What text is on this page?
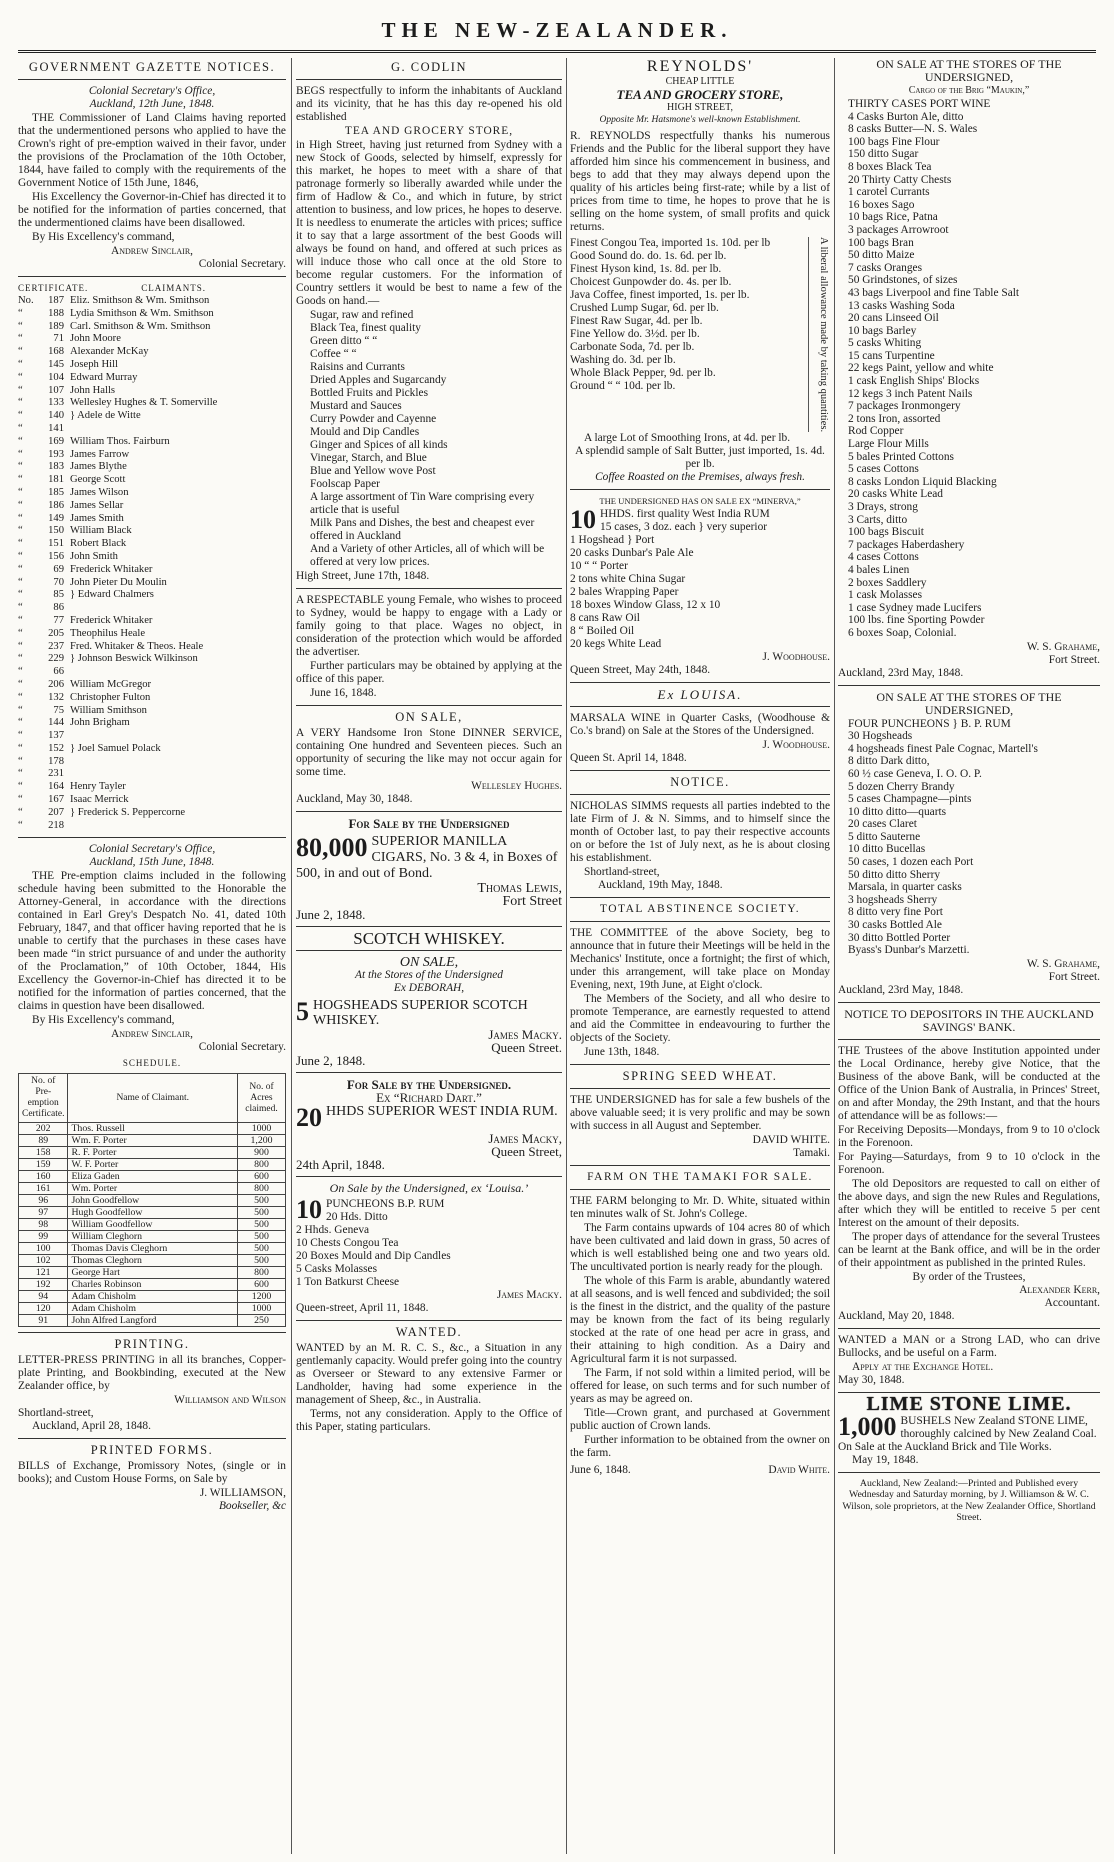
THE NEW-ZEALANDER.
GOVERNMENT GAZETTE NOTICES.
Colonial Secretary's Office,
Auckland, 12th June, 1848.
THE Commissioner of Land Claims having reported that the undermentioned persons who applied to have the Crown's right of pre-emption waived in their favor, under the provisions of the Proclamation of the 10th October, 1844, have failed to comply with the requirements of the Government Notice of 15th June, 1846,
His Excellency the Governor-in-Chief has directed it to be notified for the information of parties concerned, that the undermentioned claims have been disallowed.
By His Excellency's command,
Andrew Sinclair,
Colonial Secretary.
CERTIFICATE.	CLAIMANTS.
No.	187 Eliz. Smithson & Wm. Smithson
“	188 Lydia Smithson & Wm. Smithson
“	189 Carl. Smithson & Wm. Smithson
“	71 John Moore
“	168 Alexander McKay
“	145 Joseph Hill
“	104 Edward Murray
“	107 John Halls
“	133 Wellesley Hughes & T. Somerville
“	140 } Adele de Witte
“	141
“	169 William Thos. Fairburn
“	193 James Farrow
“	183 James Blythe
“	181 George Scott
“	185 James Wilson
“	186 James Sellar
“	149 James Smith
“	150 William Black
“	151 Robert Black
“	156 John Smith
“	69 Frederick Whitaker
“	70 John Pieter Du Moulin
“	85 } Edward Chalmers
“	86
“	77 Frederick Whitaker
“	205 Theophilus Heale
“	237 Fred. Whitaker & Theos. Heale
“	229 } Johnson Beswick Wilkinson
“	66
“	206 William McGregor
“	132 Christopher Fulton
“	75 William Smithson
“	144 John Brigham
“	137
“	152 } Joel Samuel Polack
“	178
“	231
“	164 Henry Tayler
“	167 Isaac Merrick
“	207 } Frederick S. Peppercorne
“	218
Colonial Secretary's Office,
Auckland, 15th June, 1848.
THE Pre-emption claims included in the following schedule having been submitted to the Honorable the Attorney-General, in accordance with the directions contained in Earl Grey's Despatch No. 41, dated 10th February, 1847, and that officer having reported that he is unable to certify that the purchases in these cases have been made “in strict pursuance of and under the authority of the Proclamation,” of 10th October, 1844, His Excellency the Governor-in-Chief has directed it to be notified for the information of parties concerned, that the claims in question have been disallowed.
By His Excellency's command,
Andrew Sinclair,
Colonial Secretary.
SCHEDULE.
No. of Pre-emption Certificate.	Name of Claimant.	No. of Acres claimed.
202	Thos. Russell	1000
89	Wm. F. Porter	1,200
158	R. F. Porter	900
159	W. F. Porter	800
160	Eliza Gaden	600
161	Wm. Porter	800
96	John Goodfellow	500
97	Hugh Goodfellow	500
98	William Goodfellow	500
99	William Cleghorn	500
100	Thomas Davis Cleghorn	500
102	Thomas Cleghorn	500
121	George Hart	800
192	Charles Robinson	600
94	Adam Chisholm	1200
120	Adam Chisholm	1000
91	John Alfred Langford	250
PRINTING.
LETTER-PRESS PRINTING in all its branches, Copper-plate Printing, and Bookbinding, executed at the New Zealander office, by
Williamson and Wilson
Shortland-street,
Auckland, April 28, 1848.
PRINTED FORMS.
BILLS of Exchange, Promissory Notes, (single or in books); and Custom House Forms, on Sale by
J. WILLIAMSON,
Bookseller, &c
G. CODLIN
BEGS respectfully to inform the inhabitants of Auckland and its vicinity, that he has this day re-opened his old established
TEA AND GROCERY STORE,
in High Street, having just returned from Sydney with a new Stock of Goods, selected by himself, expressly for this market, he hopes to meet with a share of that patronage formerly so liberally awarded while under the firm of Hadlow & Co., and which in future, by strict attention to business, and low prices, he hopes to deserve. It is needless to enumerate the articles with prices; suffice it to say that a large assortment of the best Goods will always be found on hand, and offered at such prices as will induce those who call once at the old Store to become regular customers. For the information of Country settlers it would be best to name a few of the Goods on hand.—
Sugar, raw and refined
Black Tea, finest quality
Green ditto “ “
Coffee “ “
Raisins and Currants
Dried Apples and Sugarcandy
Bottled Fruits and Pickles
Mustard and Sauces
Curry Powder and Cayenne
Mould and Dip Candles
Ginger and Spices of all kinds
Vinegar, Starch, and Blue
Blue and Yellow wove Post
Foolscap Paper
A large assortment of Tin Ware comprising every article that is useful
Milk Pans and Dishes, the best and cheapest ever offered in Auckland
And a Variety of other Articles, all of which will be offered at very low prices.
High Street, June 17th, 1848.
A RESPECTABLE young Female, who wishes to proceed to Sydney, would be happy to engage with a Lady or family going to that place. Wages no object, in consideration of the protection which would be afforded the advertiser.
Further particulars may be obtained by applying at the office of this paper.
June 16, 1848.
ON SALE,
A VERY Handsome Iron Stone DINNER SERVICE, containing One hundred and Seventeen pieces. Such an opportunity of securing the like may not occur again for some time.
Wellesley Hughes.
Auckland, May 30, 1848.
For Sale by the Undersigned
80,000 SUPERIOR MANILLA CIGARS, No. 3 & 4, in Boxes of 500, in and out of Bond.
Thomas Lewis,
Fort Street
June 2, 1848.
SCOTCH WHISKEY.
ON SALE,
At the Stores of the Undersigned
Ex DEBORAH,
5 HOGSHEADS SUPERIOR SCOTCH WHISKEY.
James Macky.
Queen Street.
June 2, 1848.
For Sale by the Undersigned.
Ex “Richard Dart.”
20 HHDS SUPERIOR WEST INDIA RUM.
James Macky,
Queen Street,
24th April, 1848.
On Sale by the Undersigned, ex ‘Louisa.’
10 PUNCHEONS B.P. RUM
20 Hds. Ditto
2 Hhds. Geneva
10 Chests Congou Tea
20 Boxes Mould and Dip Candles
5 Casks Molasses
1 Ton Batkurst Cheese
James Macky.
Queen-street, April 11, 1848.
WANTED.
WANTED by an M. R. C. S., &c., a Situation in any gentlemanly capacity. Would prefer going into the country as Overseer or Steward to any extensive Farmer or Landholder, having had some experience in the management of Sheep, &c., in Australia.
Terms, not any consideration. Apply to the Office of this Paper, stating particulars.
REYNOLDS'
CHEAP LITTLE
TEA AND GROCERY STORE,
HIGH STREET,
Opposite Mr. Hatsmone's well-known Establishment.
R. REYNOLDS respectfully thanks his numerous Friends and the Public for the liberal support they have afforded him since his commencement in business, and begs to add that they may always depend upon the quality of his articles being first-rate; while by a list of prices from time to time, he hopes to prove that he is selling on the home system, of small profits and quick returns.
Finest Congou Tea, imported 1s. 10d. per lb
Good Sound do. do. 1s. 6d. per lb.
Finest Hyson kind, 1s. 8d. per lb.
Choicest Gunpowder do. 4s. per lb.
Java Coffee, finest imported, 1s. per lb.
Crushed Lump Sugar, 6d. per lb.
Finest Raw Sugar, 4d. per lb.
Fine Yellow do. 3½d. per lb.
Carbonate Soda, 7d. per lb.
Washing do. 3d. per lb.
Whole Black Pepper, 9d. per lb.
Ground “ “ 10d. per lb.	A liberal allowance made by taking quantities.
A large Lot of Smoothing Irons, at 4d. per lb.
A splendid sample of Salt Butter, just imported, 1s. 4d. per lb.
Coffee Roasted on the Premises, always fresh.
THE UNDERSIGNED HAS ON SALE EX “MINERVA,”
10 HHDS. first quality West India RUM
15 cases, 3 doz. each } very superior
1 Hogshead } Port
20 casks Dunbar's Pale Ale
10 “ “ Porter
2 tons white China Sugar
2 bales Wrapping Paper
18 boxes Window Glass, 12 x 10
8 cans Raw Oil
8 “ Boiled Oil
20 kegs White Lead
J. Woodhouse.
Queen Street, May 24th, 1848.
Ex LOUISA.
MARSALA WINE in Quarter Casks, (Woodhouse & Co.'s brand) on Sale at the Stores of the Undersigned.
J. Woodhouse.
Queen St. April 14, 1848.
NOTICE.
NICHOLAS SIMMS requests all parties indebted to the late Firm of J. & N. Simms, and to himself since the month of October last, to pay their respective accounts on or before the 1st of July next, as he is about closing his establishment.
Shortland-street,
Auckland, 19th May, 1848.
TOTAL ABSTINENCE SOCIETY.
THE COMMITTEE of the above Society, beg to announce that in future their Meetings will be held in the Mechanics' Institute, once a fortnight; the first of which, under this arrangement, will take place on Monday Evening, next, 19th June, at Eight o'clock.
The Members of the Society, and all who desire to promote Temperance, are earnestly requested to attend and aid the Committee in endeavouring to further the objects of the Society.
June 13th, 1848.
SPRING SEED WHEAT.
THE UNDERSIGNED has for sale a few bushels of the above valuable seed; it is very prolific and may be sown with success in all August and September.
DAVID WHITE.
Tamaki.
FARM ON THE TAMAKI FOR SALE.
THE FARM belonging to Mr. D. White, situated within ten minutes walk of St. John's College.
The Farm contains upwards of 104 acres 80 of which have been cultivated and laid down in grass, 50 acres of which is well established being one and two years old. The uncultivated portion is nearly ready for the plough.
The whole of this Farm is arable, abundantly watered at all seasons, and is well fenced and subdivided; the soil is the finest in the district, and the quality of the pasture may be known from the fact of its being regularly stocked at the rate of one head per acre in grass, and their attaining to high condition. As a Dairy and Agricultural farm it is not surpassed.
The Farm, if not sold within a limited period, will be offered for lease, on such terms and for such number of years as may be agreed on.
Title—Crown grant, and purchased at Government public auction of Crown lands.
Further information to be obtained from the owner on the farm.
June 6, 1848.	David White.
ON SALE AT THE STORES OF THE UNDERSIGNED,
Cargo of the Brig “Maukin,”
THIRTY CASES PORT WINE
4 Casks Burton Ale, ditto
8 casks Butter—N. S. Wales
100 bags Fine Flour
150 ditto Sugar
8 boxes Black Tea
20 Thirty Catty Chests
1 carotel Currants
16 boxes Sago
10 bags Rice, Patna
3 packages Arrowroot
100 bags Bran
50 ditto Maize
7 casks Oranges
50 Grindstones, of sizes
43 bags Liverpool and fine Table Salt
13 casks Washing Soda
20 cans Linseed Oil
10 bags Barley
5 casks Whiting
15 cans Turpentine
22 kegs Paint, yellow and white
1 cask English Ships' Blocks
12 kegs 3 inch Patent Nails
7 packages Ironmongery
2 tons Iron, assorted
Rod Copper
Large Flour Mills
5 bales Printed Cottons
5 cases Cottons
8 casks London Liquid Blacking
20 casks White Lead
3 Drays, strong
3 Carts, ditto
100 bags Biscuit
7 packages Haberdashery
4 cases Cottons
4 bales Linen
2 boxes Saddlery
1 cask Molasses
1 case Sydney made Lucifers
100 lbs. fine Sporting Powder
6 boxes Soap, Colonial.
W. S. Grahame,
Fort Street.
Auckland, 23rd May, 1848.
ON SALE AT THE STORES OF THE UNDERSIGNED,
FOUR PUNCHEONS } B. P. RUM
30 Hogsheads
4 hogsheads finest Pale Cognac, Martell's
8 ditto Dark ditto,
60 ½ case Geneva, I. O. O. P.
5 dozen Cherry Brandy
5 cases Champagne—pints
10 ditto ditto—quarts
20 cases Claret
5 ditto Sauterne
10 ditto Bucellas
50 cases, 1 dozen each Port
50 ditto ditto Sherry
Marsala, in quarter casks
3 hogsheads Sherry
8 ditto very fine Port
30 casks Bottled Ale
30 ditto Bottled Porter
Byass's Dunbar's Marzetti.
W. S. Grahame,
Fort Street.
Auckland, 23rd May, 1848.
NOTICE TO DEPOSITORS IN THE AUCKLAND SAVINGS' BANK.
THE Trustees of the above Institution appointed under the Local Ordinance, hereby give Notice, that the Business of the above Bank, will be conducted at the Office of the Union Bank of Australia, in Princes' Street, on and after Monday, the 29th Instant, and that the hours of attendance will be as follows:—
For Receiving Deposits—Mondays, from 9 to 10 o'clock in the Forenoon.
For Paying—Saturdays, from 9 to 10 o'clock in the Forenoon.
The old Depositors are requested to call on either of the above days, and sign the new Rules and Regulations, after which they will be entitled to receive 5 per cent Interest on the amount of their deposits.
The proper days of attendance for the several Trustees can be learnt at the Bank office, and will be in the order of their appointment as published in the printed Rules.
By order of the Trustees,
Alexander Kerr,
Accountant.
Auckland, May 20, 1848.
WANTED a MAN or a Strong LAD, who can drive Bullocks, and be useful on a Farm.
Apply at the Exchange Hotel.
May 30, 1848.
LIME STONE LIME.
1,000 BUSHELS New Zealand STONE LIME, thoroughly calcined by New Zealand Coal. On Sale at the Auckland Brick and Tile Works.
May 19, 1848.
Auckland, New Zealand:—Printed and Published every Wednesday and Saturday morning, by J. Williamson & W. C. Wilson, sole proprietors, at the New Zealander Office, Shortland Street.
